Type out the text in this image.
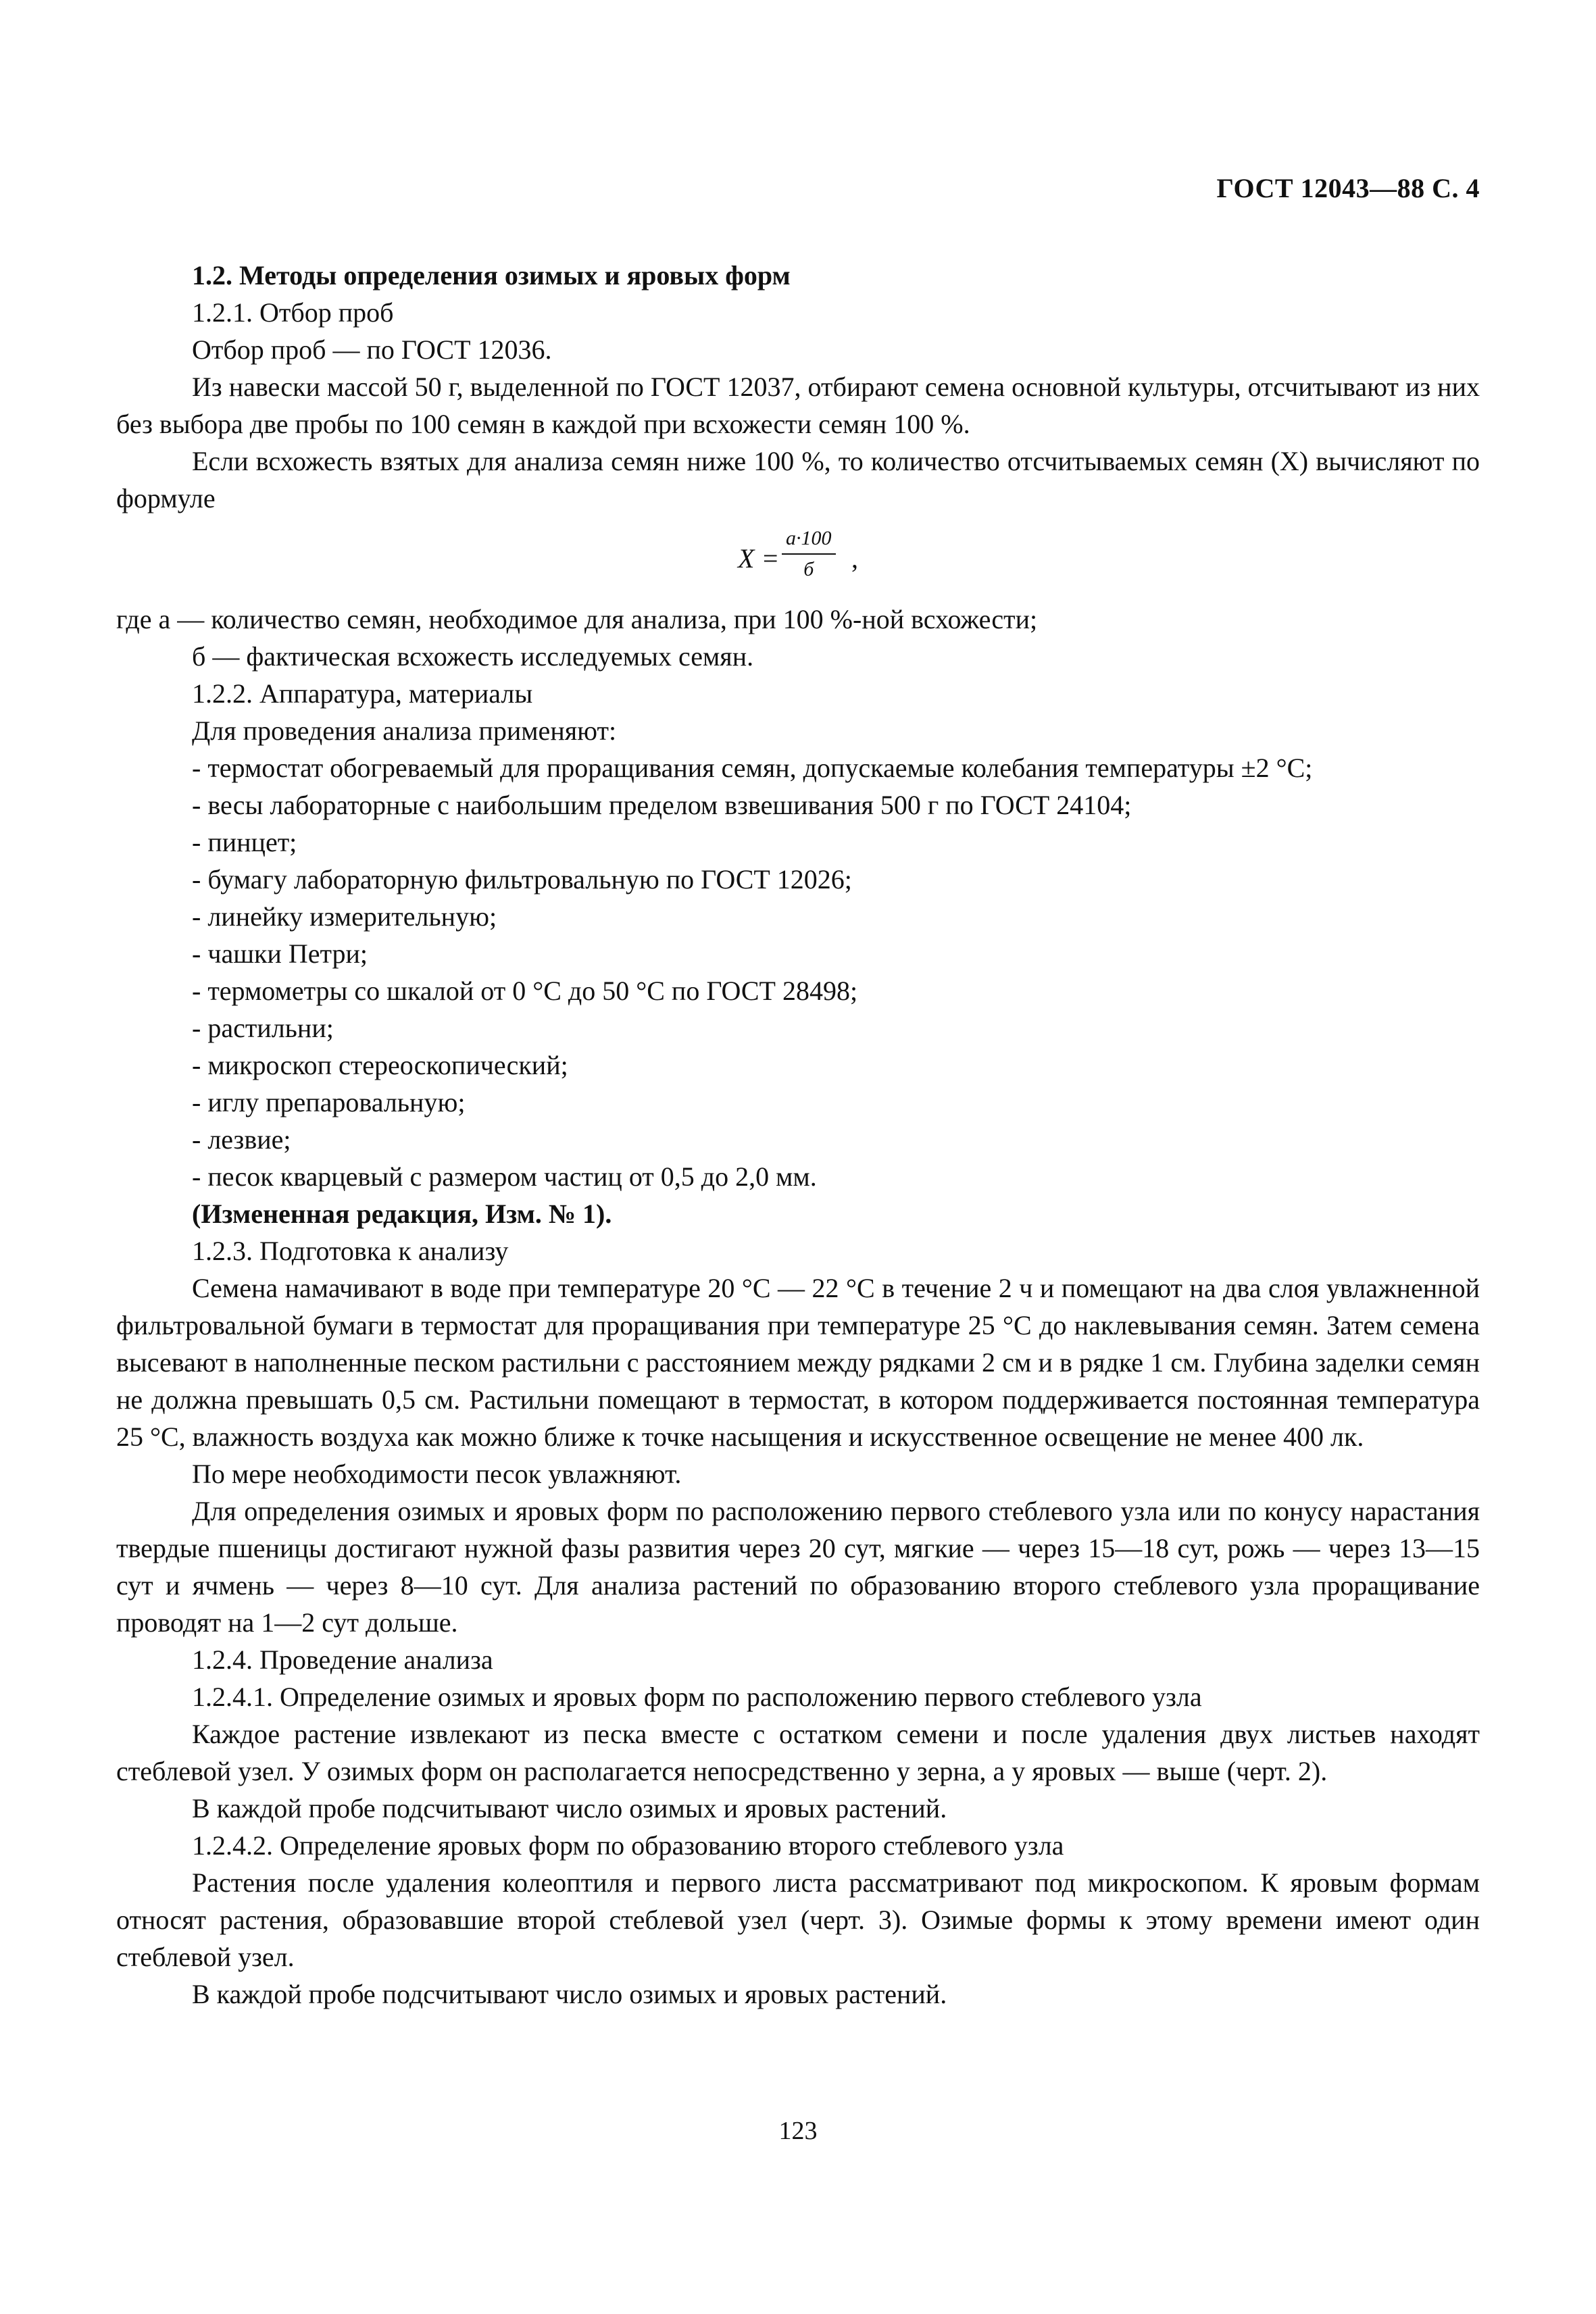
ГОСТ 12043—88 С. 4

1.2. Методы определения озимых и яровых форм

1.2.1. Отбор проб

Отбор проб — по ГОСТ 12036.

Из навески массой 50 г, выделенной по ГОСТ 12037, отбирают семена основной культуры, отсчитывают из них без выбора две пробы по 100 семян в каждой при всхожести семян 100 %.

Если всхожесть взятых для анализа семян ниже 100 %, то количество отсчитываемых семян (X) вычисляют по формуле

X =
a·100
б ,

где а — количество семян, необходимое для анализа, при 100 %-ной всхожести;

б — фактическая всхожесть исследуемых семян.

1.2.2. Аппаратура, материалы

Для проведения анализа применяют:

- термостат обогреваемый для проращивания семян, допускаемые колебания температуры ±2 °С;

- весы лабораторные с наибольшим пределом взвешивания 500 г по ГОСТ 24104;

- пинцет;

- бумагу лабораторную фильтровальную по ГОСТ 12026;

- линейку измерительную;

- чашки Петри;

- термометры со шкалой от 0 °С до 50 °С по ГОСТ 28498;

- растильни;

- микроскоп стереоскопический;

- иглу препаровальную;

- лезвие;

- песок кварцевый с размером частиц от 0,5 до 2,0 мм.

(Измененная редакция, Изм. № 1).

1.2.3. Подготовка к анализу

Семена намачивают в воде при температуре 20 °С — 22 °С в течение 2 ч и помещают на два слоя увлажненной фильтровальной бумаги в термостат для проращивания при температуре 25 °С до наклевывания семян. Затем семена высевают в наполненные песком растильни с расстоянием между рядками 2 см и в рядке 1 см. Глубина заделки семян не должна превышать 0,5 см. Растильни помещают в термостат, в котором поддерживается постоянная температура 25 °С, влажность воздуха как можно ближе к точке насыщения и искусственное освещение не менее 400 лк.

По мере необходимости песок увлажняют.

Для определения озимых и яровых форм по расположению первого стеблевого узла или по конусу нарастания твердые пшеницы достигают нужной фазы развития через 20 сут, мягкие — через 15—18 сут, рожь — через 13—15 сут и ячмень — через 8—10 сут. Для анализа растений по образованию второго стеблевого узла проращивание проводят на 1—2 сут дольше.

1.2.4. Проведение анализа

1.2.4.1. Определение озимых и яровых форм по расположению первого стеблевого узла

Каждое растение извлекают из песка вместе с остатком семени и после удаления двух листьев находят стеблевой узел. У озимых форм он располагается непосредственно у зерна, а у яровых — выше (черт. 2).

В каждой пробе подсчитывают число озимых и яровых растений.

1.2.4.2. Определение яровых форм по образованию второго стеблевого узла

Растения после удаления колеоптиля и первого листа рассматривают под микроскопом. К яровым формам относят растения, образовавшие второй стеблевой узел (черт. 3). Озимые формы к этому времени имеют один стеблевой узел.

В каждой пробе подсчитывают число озимых и яровых растений.

123
